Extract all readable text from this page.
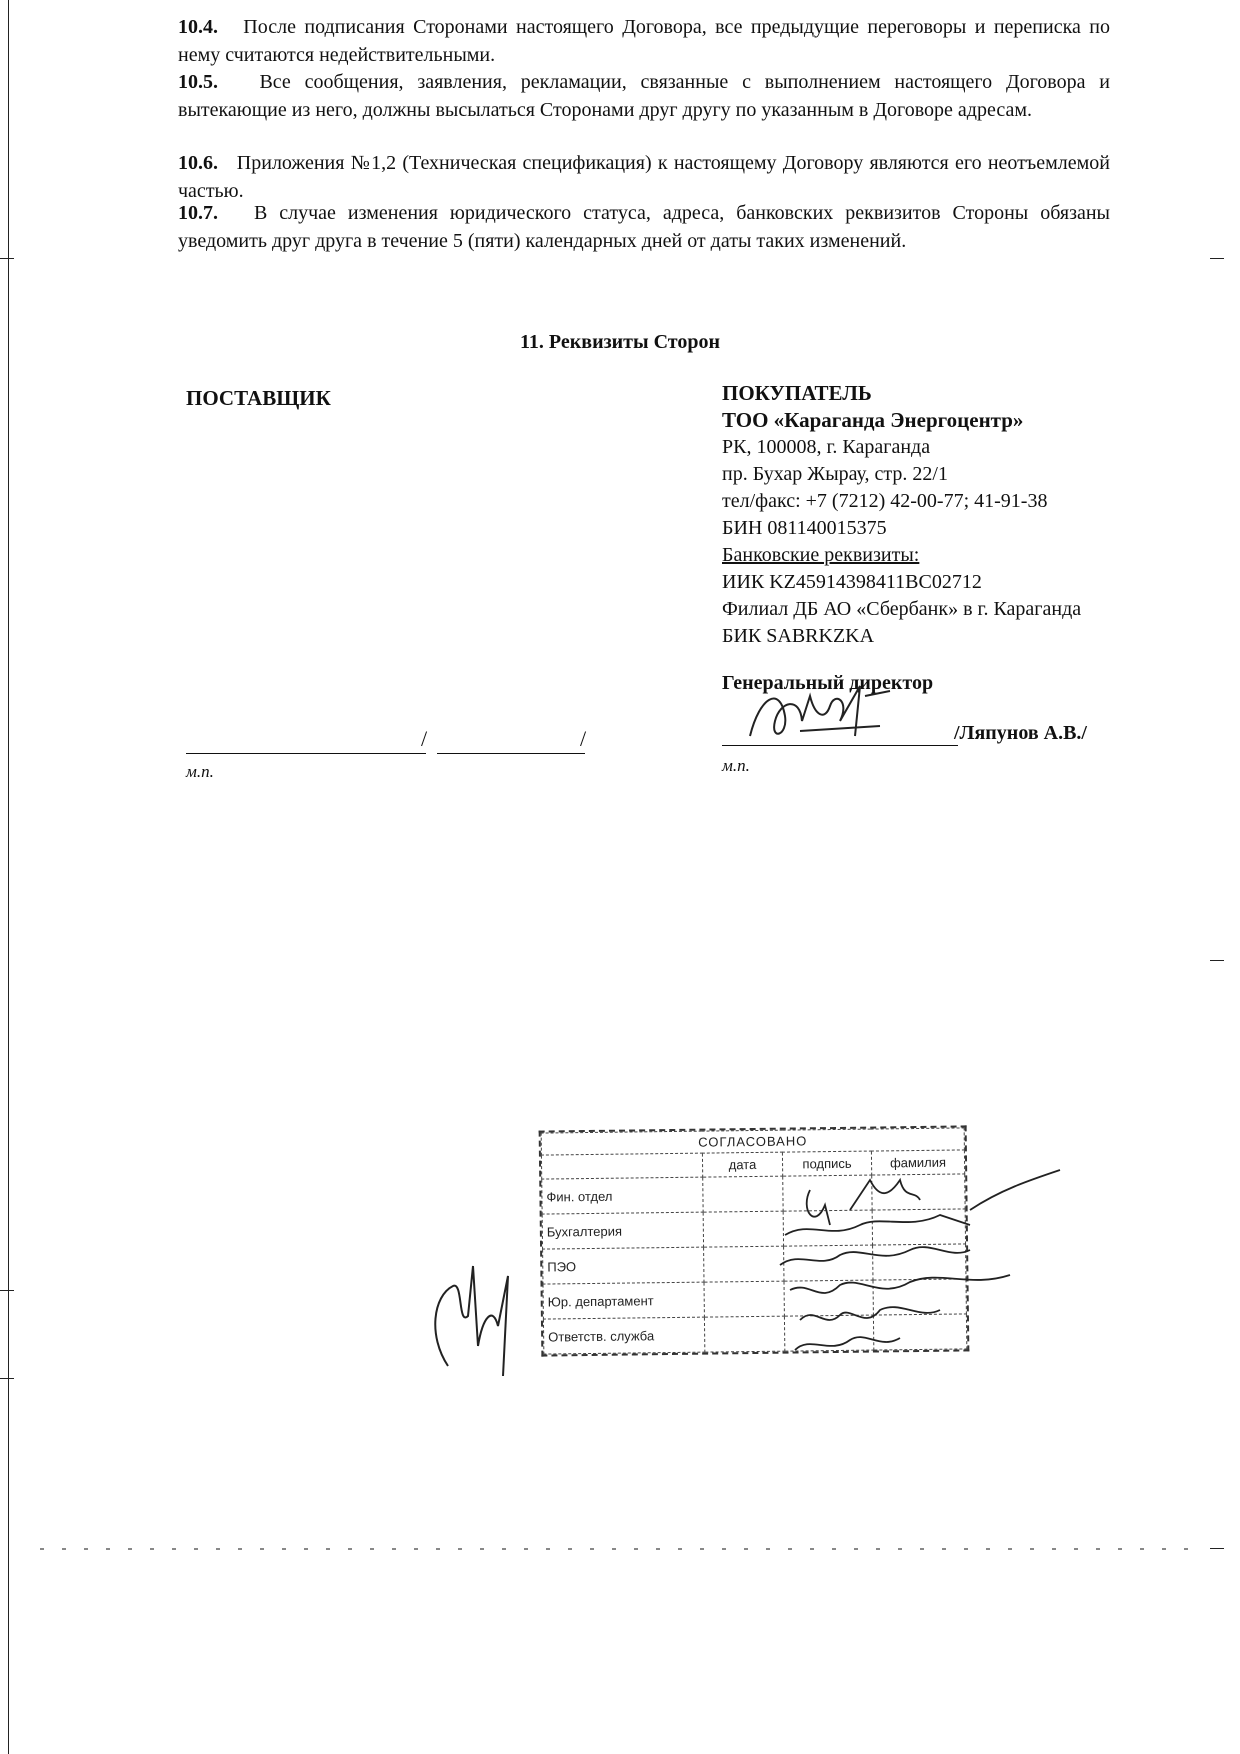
10.4. После подписания Сторонами настоящего Договора, все предыдущие переговоры и переписка по нему считаются недействительными.
10.5. Все сообщения, заявления, рекламации, связанные с выполнением настоящего Договора и вытекающие из него, должны высылаться Сторонами друг другу по указанным в Договоре адресам.
10.6. Приложения №1,2 (Техническая спецификация) к настоящему Договору являются его неотъемлемой частью.
10.7. В случае изменения юридического статуса, адреса, банковских реквизитов Стороны обязаны уведомить друг друга в течение 5 (пяти) календарных дней от даты таких изменений.
11. Реквизиты Сторон
ПОСТАВЩИК
/	/
м.п.
ПОКУПАТЕЛЬ
ТОО «Караганда Энергоцентр»
РК, 100008, г. Караганда
пр. Бухар Жырау, стр. 22/1
тел/факс: +7 (7212) 42-00-77; 41-91-38
БИН 081140015375
Банковские реквизиты:
ИИК KZ45914398411BC02712
Филиал ДБ АО «Сбербанк» в г. Караганда
БИК SABRKZKA
Генеральный директор
/Ляпунов А.В./
м.п.
СОГЛАСОВАНО			
	дата	подпись	фамилия
Фин. отдел			
Бухгалтерия			
ПЭО			
Юр. департамент			
Ответств. служба			
